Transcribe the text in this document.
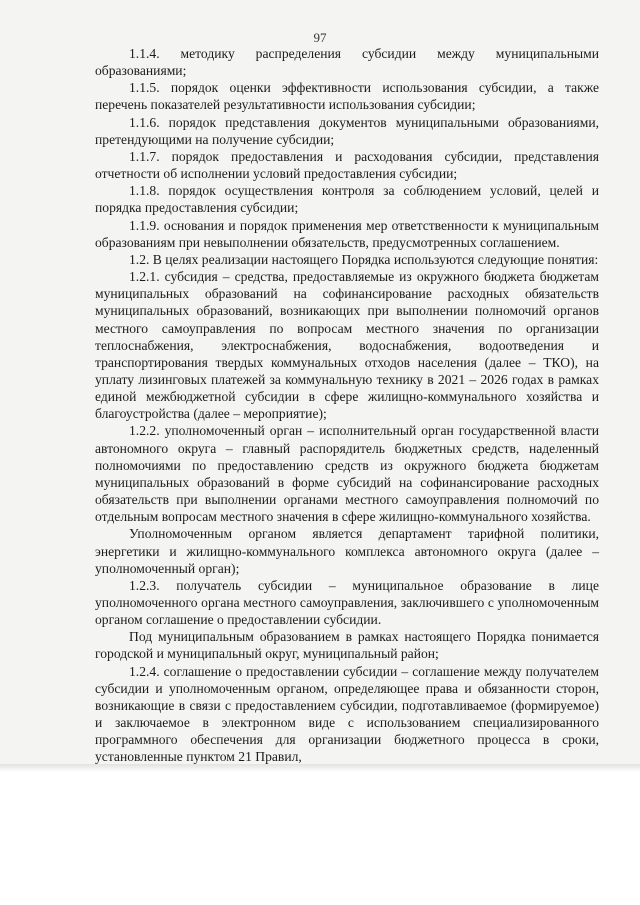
97

1.1.4. методику распределения субсидии между муниципальными образованиями;

1.1.5. порядок оценки эффективности использования субсидии, а также перечень показателей результативности использования субсидии;

1.1.6. порядок представления документов муниципальными образованиями, претендующими на получение субсидии;

1.1.7. порядок предоставления и расходования субсидии, представления отчетности об исполнении условий предоставления субсидии;

1.1.8. порядок осуществления контроля за соблюдением условий, целей и порядка предоставления субсидии;

1.1.9. основания и порядок применения мер ответственности к муниципальным образованиям при невыполнении обязательств, предусмотренных соглашением.

1.2. В целях реализации настоящего Порядка используются следующие понятия:

1.2.1. субсидия – средства, предоставляемые из окружного бюджета бюджетам муниципальных образований на софинансирование расходных обязательств муниципальных образований, возникающих при выполнении полномочий органов местного самоуправления по вопросам местного значения по организации теплоснабжения, электроснабжения, водоснабжения, водоотведения и транспортирования твердых коммунальных отходов населения (далее – ТКО), на уплату лизинговых платежей за коммунальную технику в 2021 – 2026 годах в рамках единой межбюджетной субсидии в сфере жилищно-коммунального хозяйства и благоустройства (далее – мероприятие);

1.2.2. уполномоченный орган – исполнительный орган государственной власти автономного округа – главный распорядитель бюджетных средств, наделенный полномочиями по предоставлению средств из окружного бюджета бюджетам муниципальных образований в форме субсидий на софинансирование расходных обязательств при выполнении органами местного самоуправления полномочий по отдельным вопросам местного значения в сфере жилищно-коммунального хозяйства.

Уполномоченным органом является департамент тарифной политики, энергетики и жилищно-коммунального комплекса автономного округа (далее – уполномоченный орган);

1.2.3. получатель субсидии – муниципальное образование в лице уполномоченного органа местного самоуправления, заключившего с уполномоченным органом соглашение о предоставлении субсидии.

Под муниципальным образованием в рамках настоящего Порядка понимается городской и муниципальный округ, муниципальный район;

1.2.4. соглашение о предоставлении субсидии – соглашение между получателем субсидии и уполномоченным органом, определяющее права и обязанности сторон, возникающие в связи с предоставлением субсидии, подготавливаемое (формируемое) и заключаемое в электронном виде с использованием специализированного программного обеспечения для организации бюджетного процесса в сроки, установленные пунктом 21 Правил,
